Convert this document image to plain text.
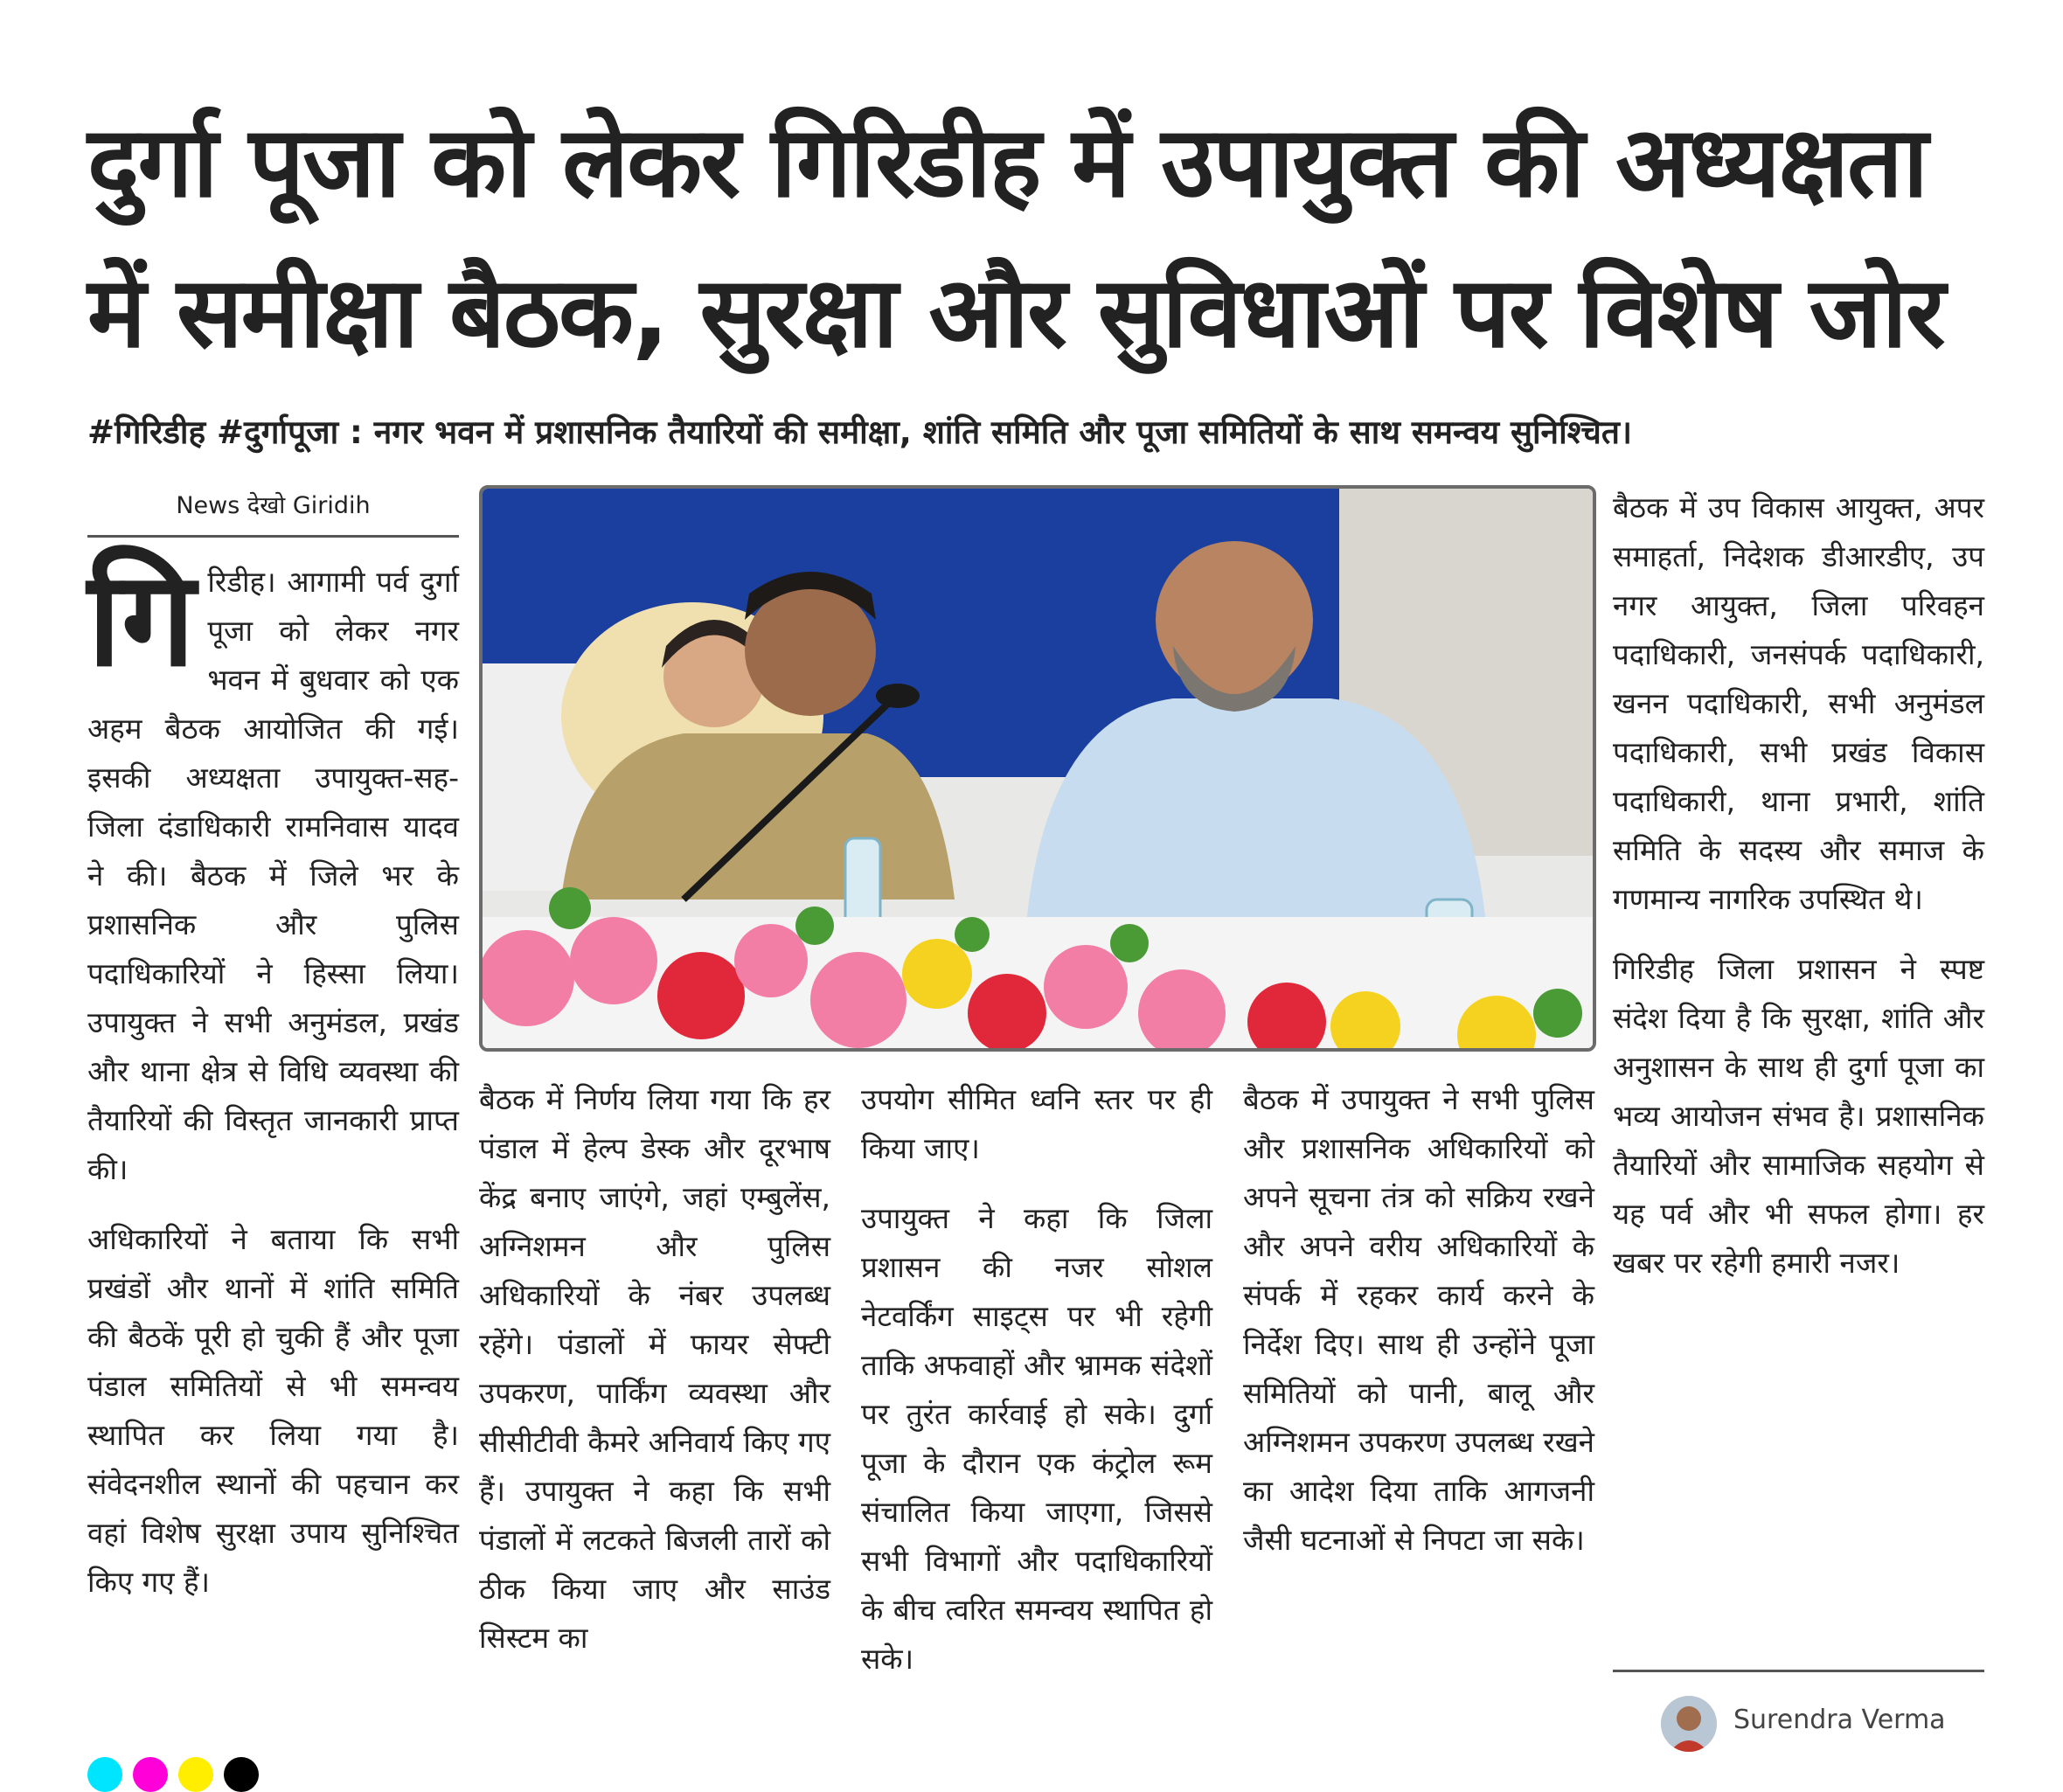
दुर्गा पूजा को लेकर गिरिडीह में उपायुक्त की अध्यक्षता में समीक्षा बैठक, सुरक्षा और सुविधाओं पर विशेष जोर
#गिरिडीह #दुर्गापूजा : नगर भवन में प्रशासनिक तैयारियों की समीक्षा, शांति समिति और पूजा समितियों के साथ समन्वय सुनिश्चित।
News देखो Giridih

गि रिडीह। आगामी पर्व दुर्गा पूजा को लेकर नगर भवन में बुधवार को एक अहम बैठक आयोजित की गई। इसकी अध्यक्षता उपायुक्त-सह-जिला दंडाधिकारी रामनिवास यादव ने की। बैठक में जिले भर के प्रशासनिक और पुलिस पदाधिकारियों ने हिस्सा लिया। उपायुक्त ने सभी अनुमंडल, प्रखंड और थाना क्षेत्र से विधि व्यवस्था की तैयारियों की विस्तृत जानकारी प्राप्त की।

अधिकारियों ने बताया कि सभी प्रखंडों और थानों में शांति समिति की बैठकें पूरी हो चुकी हैं और पूजा पंडाल समितियों से भी समन्वय स्थापित कर लिया गया है। संवेदनशील स्थानों की पहचान कर वहां विशेष सुरक्षा उपाय सुनिश्चित किए गए हैं।

बैठक में निर्णय लिया गया कि हर पंडाल में हेल्प डेस्क और दूरभाष केंद्र बनाए जाएंगे, जहां एम्बुलेंस, अग्निशमन और पुलिस अधिकारियों के नंबर उपलब्ध रहेंगे। पंडालों में फायर सेफ्टी उपकरण, पार्किंग व्यवस्था और सीसीटीवी कैमरे अनिवार्य किए गए हैं। उपायुक्त ने कहा कि सभी पंडालों में लटकते बिजली तारों को ठीक किया जाए और साउंड सिस्टम का

उपयोग सीमित ध्वनि स्तर पर ही किया जाए।

उपायुक्त ने कहा कि जिला प्रशासन की नजर सोशल नेटवर्किंग साइट्स पर भी रहेगी ताकि अफवाहों और भ्रामक संदेशों पर तुरंत कार्रवाई हो सके। दुर्गा पूजा के दौरान एक कंट्रोल रूम संचालित किया जाएगा, जिससे सभी विभागों और पदाधिकारियों के बीच त्वरित समन्वय स्थापित हो सके।

बैठक में उपायुक्त ने सभी पुलिस और प्रशासनिक अधिकारियों को अपने सूचना तंत्र को सक्रिय रखने और अपने वरीय अधिकारियों के संपर्क में रहकर कार्य करने के निर्देश दिए। साथ ही उन्होंने पूजा समितियों को पानी, बालू और अग्निशमन उपकरण उपलब्ध रखने का आदेश दिया ताकि आगजनी जैसी घटनाओं से निपटा जा सके।

बैठक में उप विकास आयुक्त, अपर समाहर्ता, निदेशक डीआरडीए, उप नगर आयुक्त, जिला परिवहन पदाधिकारी, जनसंपर्क पदाधिकारी, खनन पदाधिकारी, सभी अनुमंडल पदाधिकारी, सभी प्रखंड विकास पदाधिकारी, थाना प्रभारी, शांति समिति के सदस्य और समाज के गणमान्य नागरिक उपस्थित थे।

गिरिडीह जिला प्रशासन ने स्पष्ट संदेश दिया है कि सुरक्षा, शांति और अनुशासन के साथ ही दुर्गा पूजा का भव्य आयोजन संभव है। प्रशासनिक तैयारियों और सामाजिक सहयोग से यह पर्व और भी सफल होगा। हर खबर पर रहेगी हमारी नजर।

Surendra Verma
